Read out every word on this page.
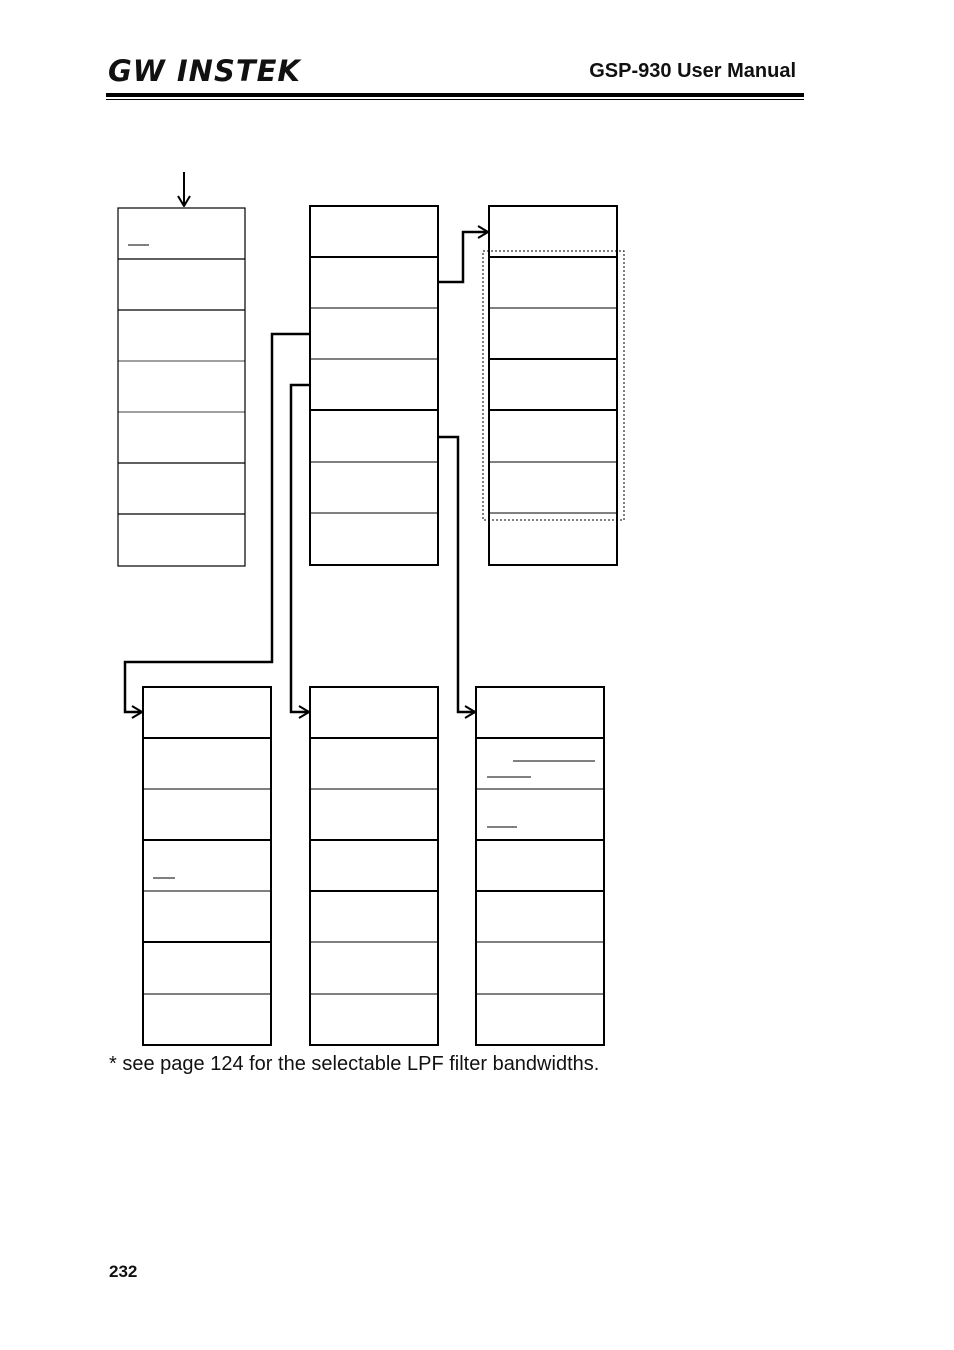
GW INSTEK	GSP-930 User Manual
* see page 124 for the selectable LPF filter bandwidths.
232
